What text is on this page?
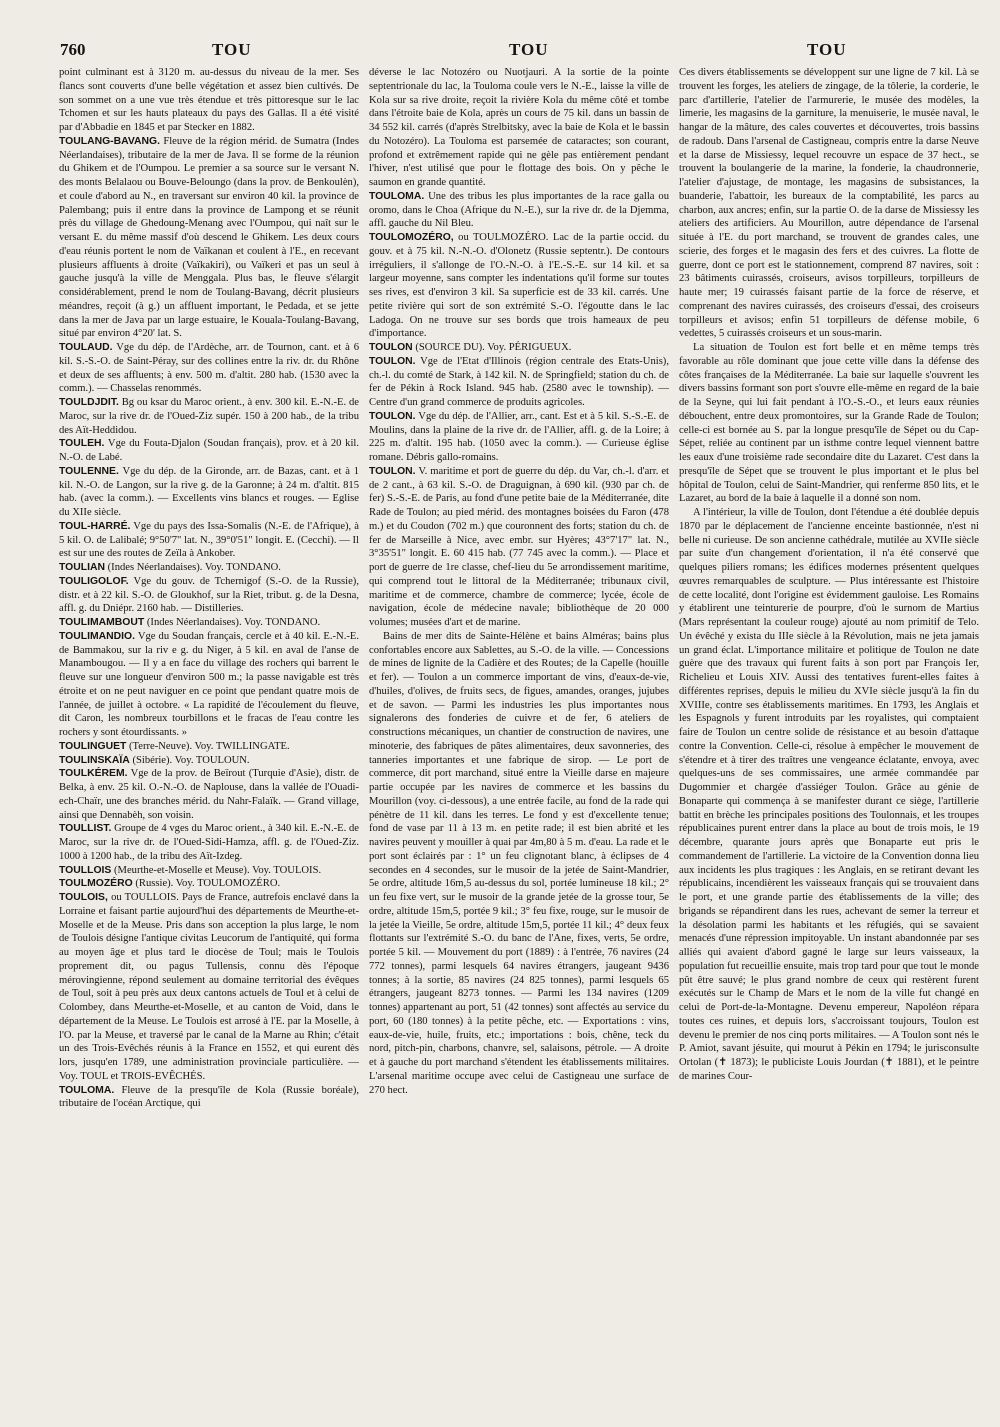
760	TOU	TOU	TOU

point culminant est à 3120 m. au-dessus du niveau de la mer. Ses flancs sont couverts d'une belle végétation et assez bien cultivés. De son sommet on a une vue très étendue et très pittoresque sur le lac Tchomen et sur les hauts plateaux du pays des Gallas. Il a été visité par d'Abbadie en 1845 et par Stecker en 1882.

TOULANG-BAVANG. Fleuve de la région mérid. de Sumatra (Indes Néerlandaises), tributaire de la mer de Java. Il se forme de la réunion du Ghikem et de l'Oumpou. Le premier a sa source sur le versant N. des monts Belalaou ou Bouve-Beloungo (dans la prov. de Benkoulèn), et coule d'abord au N., en traversant sur environ 40 kil. la province de Palembang; puis il entre dans la province de Lampong et se réunit près du village de Ghedoung-Menang avec l'Oumpou, qui naît sur le versant E. du même massif d'où descend le Ghikem. Les deux cours d'eau réunis portent le nom de Vaïkanan et coulent à l'E., en recevant plusieurs affluents à droite (Vaïkakiri), ou Vaïkeri et pas un seul à gauche jusqu'à la ville de Menggala. Plus bas, le fleuve s'élargit considérablement, prend le nom de Toulang-Bavang, décrit plusieurs méandres, reçoit (à g.) un affluent important, le Pedada, et se jette dans la mer de Java par un large estuaire, le Kouala-Toulang-Bavang, situé par environ 4°20' lat. S.

TOULAUD. Vge du dép. de l'Ardèche, arr. de Tournon, cant. et à 6 kil. S.-S.-O. de Saint-Péray, sur des collines entre la riv. dr. du Rhône et deux de ses affluents; à env. 500 m. d'altit. 280 hab. (1530 avec la comm.). — Chasselas renommés.

TOULDJDIT. Bg ou ksar du Maroc orient., à env. 300 kil. E.-N.-E. de Maroc, sur la rive dr. de l'Oued-Ziz supér. 150 à 200 hab., de la tribu des Aït-Heddidou.

TOULEH. Vge du Fouta-Djalon (Soudan français), prov. et à 20 kil. N.-O. de Labé.

TOULENNE. Vge du dép. de la Gironde, arr. de Bazas, cant. et à 1 kil. N.-O. de Langon, sur la rive g. de la Garonne; à 24 m. d'altit. 815 hab. (avec la comm.). — Excellents vins blancs et rouges. — Eglise du XIIe siècle.

TOUL-HARRÉ. Vge du pays des Issa-Somalis (N.-E. de l'Afrique), à 5 kil. O. de Lalibalé; 9°50'7" lat. N., 39°0'51" longit. E. (Cecchi). — Il est sur une des routes de Zeïla à Ankober.

TOULIAN (Indes Néerlandaises). Voy. TONDANO.

TOULIGOLOF. Vge du gouv. de Tchernigof (S.-O. de la Russie), distr. et à 22 kil. S.-O. de Gloukhof, sur la Riet, tribut. g. de la Desna, affl. g. du Dniépr. 2160 hab. — Distilleries.

TOULIMAMBOUT (Indes Néerlandaises). Voy. TONDANO.

TOULIMANDIO. Vge du Soudan français, cercle et à 40 kil. E.-N.-E. de Bammakou, sur la riv e g. du Niger, à 5 kil. en aval de l'anse de Manambougou. — Il y a en face du village des rochers qui barrent le fleuve sur une longueur d'environ 500 m.; la passe navigable est très étroite et on ne peut naviguer en ce point que pendant quatre mois de l'année, de juillet à octobre. « La rapidité de l'écoulement du fleuve, dit Caron, les nombreux tourbillons et le fracas de l'eau contre les rochers y sont étourdissants. »

TOULINGUET (Terre-Neuve). Voy. TWILLINGATE.

TOULINSKAÏA (Sibérie). Voy. TOULOUN.

TOULKÉREM. Vge de la prov. de Beïrout (Turquie d'Asie), distr. de Belka, à env. 25 kil. O.-N.-O. de Naplouse, dans la vallée de l'Ouadi-ech-Chaïr, une des branches mérid. du Nahr-Falaïk. — Grand village, ainsi que Dennabèh, son voisin.

TOULLIST. Groupe de 4 vges du Maroc orient., à 340 kil. E.-N.-E. de Maroc, sur la rive dr. de l'Oued-Sidi-Hamza, affl. g. de l'Oued-Ziz. 1000 à 1200 hab., de la tribu des Aït-Izdeg.

TOULLOIS (Meurthe-et-Moselle et Meuse). Voy. TOULOIS.

TOULMOZÉRO (Russie). Voy. TOULOMOZÉRO.

TOULOIS, ou TOULLOIS. Pays de France, autrefois enclavé dans la Lorraine et faisant partie aujourd'hui des départements de Meurthe-et-Moselle et de la Meuse. Pris dans son acception la plus large, le nom de Toulois désigne l'antique civitas Leucorum de l'antiquité, qui forma au moyen âge et plus tard le diocèse de Toul; mais le Toulois proprement dit, ou pagus Tullensis, connu dès l'époque mérovingienne, répond seulement au domaine territorial des évêques de Toul, soit à peu près aux deux cantons actuels de Toul et à celui de Colombey, dans Meurthe-et-Moselle, et au canton de Void, dans le département de la Meuse. Le Toulois est arrosé à l'E. par la Moselle, à l'O. par la Meuse, et traversé par le canal de la Marne au Rhin; c'était un des Trois-Evêchés réunis à la France en 1552, et qui eurent dès lors, jusqu'en 1789, une administration provinciale particulière. — Voy. TOUL et TROIS-EVÊCHÉS.

TOULOMA. Fleuve de la presqu'île de Kola (Russie boréale), tributaire de l'océan Arctique, qui

déverse le lac Notozéro ou Nuotjauri. A la sortie de la pointe septentrionale du lac, la Touloma coule vers le N.-E., laisse la ville de Kola sur sa rive droite, reçoit la rivière Kola du même côté et tombe dans l'étroite baie de Kola, après un cours de 75 kil. dans un bassin de 34 552 kil. carrés (d'après Strelbitsky, avec la baie de Kola et le bassin du Notozéro). La Touloma est parsemée de cataractes; son courant, profond et extrêmement rapide qui ne gèle pas entièrement pendant l'hiver, n'est utilisé que pour le flottage des bois. On y pêche le saumon en grande quantité.

TOULOMA. Une des tribus les plus importantes de la race galla ou oromo, dans le Choa (Afrique du N.-E.), sur la rive dr. de la Djemma, affl. gauche du Nil Bleu.

TOULOMOZÉRO, ou TOULMOZÉRO. Lac de la partie occid. du gouv. et à 75 kil. N.-N.-O. d'Olonetz (Russie septentr.). De contours irréguliers, il s'allonge de l'O.-N.-O. à l'E.-S.-E. sur 14 kil. et sa largeur moyenne, sans compter les indentations qu'il forme sur toutes ses rives, est d'environ 3 kil. Sa superficie est de 33 kil. carrés. Une petite rivière qui sort de son extrémité S.-O. l'égoutte dans le lac Ladoga. On ne trouve sur ses bords que trois hameaux de peu d'importance.

TOULON (SOURCE DU). Voy. PÉRIGUEUX.

TOULON. Vge de l'Etat d'Illinois (région centrale des Etats-Unis), ch.-l. du comté de Stark, à 142 kil. N. de Springfield; station du ch. de fer de Pékin à Rock Island. 945 hab. (2580 avec le township). — Centre d'un grand commerce de produits agricoles.

TOULON. Vge du dép. de l'Allier, arr., cant. Est et à 5 kil. S.-S.-E. de Moulins, dans la plaine de la rive dr. de l'Allier, affl. g. de la Loire; à 225 m. d'altit. 195 hab. (1050 avec la comm.). — Curieuse église romane. Débris gallo-romains.

TOULON. V. maritime et port de guerre du dép. du Var, ch.-l. d'arr. et de 2 cant., à 63 kil. S.-O. de Draguignan, à 690 kil. (930 par ch. de fer) S.-S.-E. de Paris, au fond d'une petite baie de la Méditerranée, dite Rade de Toulon; au pied mérid. des montagnes boisées du Faron (478 m.) et du Coudon (702 m.) que couronnent des forts; station du ch. de fer de Marseille à Nice, avec embr. sur Hyères; 43°7'17" lat. N., 3°35'51" longit. E. 60 415 hab. (77 745 avec la comm.). — Place et port de guerre de 1re classe, chef-lieu du 5e arrondissement maritime, qui comprend tout le littoral de la Méditerranée; tribunaux civil, maritime et de commerce, chambre de commerce; lycée, école de navigation, école de médecine navale; bibliothèque de 20 000 volumes; musées d'art et de marine.

Bains de mer dits de Sainte-Hélène et bains Alméras; bains plus confortables encore aux Sablettes, au S.-O. de la ville. — Concessions de mines de lignite de la Cadière et des Routes; de la Capelle (houille et fer). — Toulon a un commerce important de vins, d'eaux-de-vie, d'huiles, d'olives, de fruits secs, de figues, amandes, oranges, jujubes et de savon. — Parmi les industries les plus importantes nous signalerons des fonderies de cuivre et de fer, 6 ateliers de constructions mécaniques, un chantier de construction de navires, une minoterie, des fabriques de pâtes alimentaires, deux savonneries, des tanneries importantes et une fabrique de sirop. — Le port de commerce, dit port marchand, situé entre la Vieille darse en majeure partie occupée par les navires de commerce et les bassins du Mourillon (voy. ci-dessous), a une entrée facile, au fond de la rade qui pénètre de 11 kil. dans les terres. Le fond y est d'excellente tenue; fond de vase par 11 à 13 m. en petite rade; il est bien abrité et les navires peuvent y mouiller à quai par 4m,80 à 5 m. d'eau. La rade et le port sont éclairés par : 1° un feu clignotant blanc, à éclipses de 4 secondes en 4 secondes, sur le musoir de la jetée de Saint-Mandrier, 5e ordre, altitude 16m,5 au-dessus du sol, portée lumineuse 18 kil.; 2° un feu fixe vert, sur le musoir de la grande jetée de la grosse tour, 5e ordre, altitude 15m,5, portée 9 kil.; 3° feu fixe, rouge, sur le musoir de la jetée la Vieille, 5e ordre, altitude 15m,5, portée 11 kil.; 4° deux feux flottants sur l'extrémité S.-O. du banc de l'Ane, fixes, verts, 5e ordre, portée 5 kil. — Mouvement du port (1889) : à l'entrée, 76 navires (24 772 tonnes), parmi lesquels 64 navires étrangers, jaugeant 9436 tonnes; à la sortie, 85 navires (24 825 tonnes), parmi lesquels 65 étrangers, jaugeant 8273 tonnes. — Parmi les 134 navires (1209 tonnes) appartenant au port, 51 (42 tonnes) sont affectés au service du port, 60 (180 tonnes) à la petite pêche, etc. — Exportations : vins, eaux-de-vie, huile, fruits, etc.; importations : bois, chêne, teck du nord, pitch-pin, charbons, chanvre, sel, salaisons, pétrole. — A droite et à gauche du port marchand s'étendent les établissements militaires. L'arsenal maritime occupe avec celui de Castigneau une surface de 270 hect.

Ces divers établissements se développent sur une ligne de 7 kil. Là se trouvent les forges, les ateliers de zingage, de la tôlerie, la corderie, le parc d'artillerie, l'atelier de l'armurerie, le musée des modèles, la limerie, les magasins de la garniture, la menuiserie, le musée naval, le hangar de la mâture, des cales couvertes et découvertes, trois bassins de radoub. Dans l'arsenal de Castigneau, compris entre la darse Neuve et la darse de Missiessy, lequel recouvre un espace de 37 hect., se trouvent la boulangerie de la marine, la fonderie, la chaudronnerie, l'atelier d'ajustage, de montage, les magasins de subsistances, la buanderie, l'abattoir, les bureaux de la comptabilité, les parcs au charbon, aux ancres; enfin, sur la partie O. de la darse de Missiessy les ateliers des artificiers. Au Mourillon, autre dépendance de l'arsenal située à l'E. du port marchand, se trouvent de grandes cales, une scierie, des forges et le magasin des fers et des cuivres. La flotte de guerre, dont ce port est le stationnement, comprend 87 navires, soit : 23 bâtiments cuirassés, croiseurs, avisos torpilleurs, torpilleurs de haute mer; 19 cuirassés faisant partie de la force de réserve, et comprenant des navires cuirassés, des croiseurs d'essai, des croiseurs torpilleurs et avisos; enfin 51 torpilleurs de défense mobile, 6 vedettes, 5 cuirassés croiseurs et un sous-marin.

La situation de Toulon est fort belle et en même temps très favorable au rôle dominant que joue cette ville dans la défense des côtes françaises de la Méditerranée. La baie sur laquelle s'ouvrent les divers bassins formant son port s'ouvre elle-même en regard de la baie de la Seyne, qui lui fait pendant à l'O.-S.-O., et leurs eaux réunies débouchent, entre deux promontoires, sur la Grande Rade de Toulon; celle-ci est bornée au S. par la longue presqu'île de Sépet ou du Cap-Sépet, reliée au continent par un isthme contre lequel viennent battre les eaux d'une troisième rade secondaire dite du Lazaret. C'est dans la presqu'île de Sépet que se trouvent le plus important et le plus bel hôpital de Toulon, celui de Saint-Mandrier, qui renferme 850 lits, et le Lazaret, au bord de la baie à laquelle il a donné son nom.

A l'intérieur, la ville de Toulon, dont l'étendue a été doublée depuis 1870 par le déplacement de l'ancienne enceinte bastionnée, n'est ni belle ni curieuse. De son ancienne cathédrale, mutilée au XVIIe siècle par suite d'un changement d'orientation, il n'a été conservé que quelques piliers romans; les édifices modernes présentent quelques œuvres remarquables de sculpture. — Plus intéressante est l'histoire de cette localité, dont l'origine est évidemment gauloise. Les Romains y établirent une teinturerie de pourpre, d'où le surnom de Martius (Mars représentant la couleur rouge) ajouté au nom primitif de Telo. Un évêché y exista du IIIe siècle à la Révolution, mais ne jeta jamais un grand éclat. L'importance militaire et politique de Toulon ne date guère que des travaux qui furent faits à son port par François Ier, Richelieu et Louis XIV. Aussi des tentatives furent-elles faites à différentes reprises, depuis le milieu du XVIe siècle jusqu'à la fin du XVIIIe, contre ses établissements maritimes. En 1793, les Anglais et les Espagnols y furent introduits par les royalistes, qui comptaient faire de Toulon un centre solide de résistance et au besoin d'attaque contre la Convention. Celle-ci, résolue à empêcher le mouvement de s'étendre et à tirer des traîtres une vengeance éclatante, envoya, avec quelques-uns de ses commissaires, une armée commandée par Dugommier et chargée d'assiéger Toulon. Grâce au génie de Bonaparte qui commença à se manifester durant ce siège, l'artillerie battit en brèche les principales positions des Toulonnais, et les troupes républicaines purent entrer dans la place au bout de trois mois, le 19 décembre, quarante jours après que Bonaparte eut pris le commandement de l'artillerie. La victoire de la Convention donna lieu aux incidents les plus tragiques : les Anglais, en se retirant devant les républicains, incendièrent les vaisseaux français qui se trouvaient dans le port, et une grande partie des établissements de la ville; des brigands se répandirent dans les rues, achevant de semer la terreur et la désolation parmi les habitants et les réfugiés, qui se savaient menacés d'une répression impitoyable. Un instant abandonnée par ses alliés qui avaient d'abord gagné le large sur leurs vaisseaux, la population fut recueillie ensuite, mais trop tard pour que tout le monde pût être sauvé; le plus grand nombre de ceux qui restèrent furent exécutés sur le Champ de Mars et le nom de la ville fut changé en celui de Port-de-la-Montagne. Devenu empereur, Napoléon répara toutes ces ruines, et depuis lors, s'accroissant toujours, Toulon est devenu le premier de nos cinq ports militaires. — A Toulon sont nés le P. Amiot, savant jésuite, qui mourut à Pékin en 1794; le jurisconsulte Ortolan (✝ 1873); le publiciste Louis Jourdan (✝ 1881), et le peintre de marines Cour-
